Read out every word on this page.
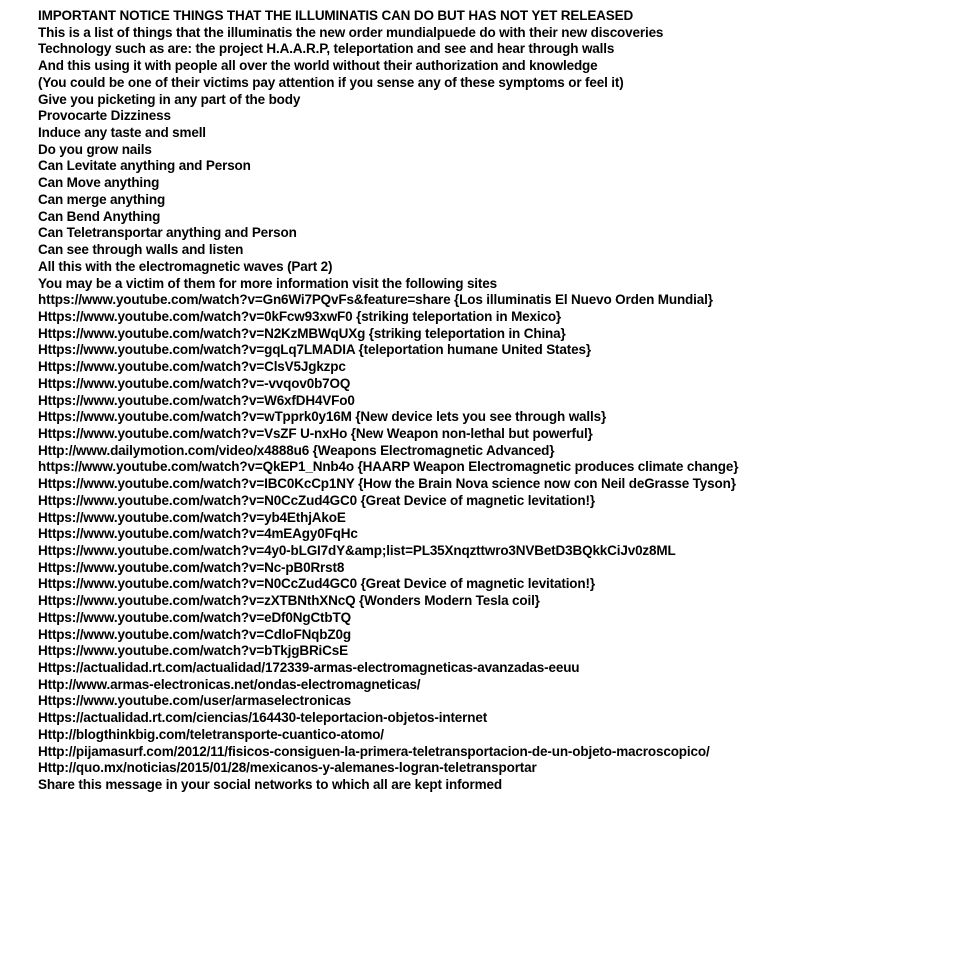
IMPORTANT NOTICE THINGS THAT THE ILLUMINATIS CAN DO BUT HAS NOT YET RELEASED
This is a list of things that the illuminatis the new order mundialpuede do with their new discoveries
Technology such as are: the project H.A.A.R.P, teleportation and see and hear through walls
And this using it with people all over the world without their authorization and knowledge
(You could be one of their victims pay attention if you sense any of these symptoms or feel it)
Give you picketing in any part of the body
Provocarte Dizziness
Induce any taste and smell
Do you grow nails
Can Levitate anything and Person
Can Move anything
Can merge anything
Can Bend Anything
Can Teletransportar anything and Person
Can see through walls and listen
All this with the electromagnetic waves (Part 2)
You may be a victim of them for more information visit the following sites
https://www.youtube.com/watch?v=Gn6Wi7PQvFs&feature=share {Los illuminatis El Nuevo Orden Mundial}
Https://www.youtube.com/watch?v=0kFcw93xwF0 {striking teleportation in Mexico}
Https://www.youtube.com/watch?v=N2KzMBWqUXg {striking teleportation in China}
Https://www.youtube.com/watch?v=gqLq7LMADIA {teleportation humane United States}
Https://www.youtube.com/watch?v=ClsV5Jgkzpc
Https://www.youtube.com/watch?v=-vvqov0b7OQ
Https://www.youtube.com/watch?v=W6xfDH4VFo0
Https://www.youtube.com/watch?v=wTpprk0y16M {New device lets you see through walls}
Https://www.youtube.com/watch?v=VsZF U-nxHo {New Weapon non-lethal but powerful}
Http://www.dailymotion.com/video/x4888u6 {Weapons Electromagnetic Advanced}
https://www.youtube.com/watch?v=QkEP1_Nnb4o {HAARP Weapon Electromagnetic produces climate change}
Https://www.youtube.com/watch?v=IBC0KcCp1NY {How the Brain Nova science now con Neil deGrasse Tyson}
Https://www.youtube.com/watch?v=N0CcZud4GC0 {Great Device of magnetic levitation!}
Https://www.youtube.com/watch?v=yb4EthjAkoE
Https://www.youtube.com/watch?v=4mEAgy0FqHc
Https://www.youtube.com/watch?v=4y0-bLGI7dY&amp;list=PL35Xnqzttwro3NVBetD3BQkkCiJv0z8ML
Https://www.youtube.com/watch?v=Nc-pB0Rrst8
Https://www.youtube.com/watch?v=N0CcZud4GC0 {Great Device of magnetic levitation!}
Https://www.youtube.com/watch?v=zXTBNthXNcQ {Wonders Modern Tesla coil}
Https://www.youtube.com/watch?v=eDf0NgCtbTQ
Https://www.youtube.com/watch?v=CdloFNqbZ0g
Https://www.youtube.com/watch?v=bTkjgBRiCsE
Https://actualidad.rt.com/actualidad/172339-armas-electromagneticas-avanzadas-eeuu
Http://www.armas-electronicas.net/ondas-electromagneticas/
Https://www.youtube.com/user/armaselectronicas
Https://actualidad.rt.com/ciencias/164430-teleportacion-objetos-internet
Http://blogthinkbig.com/teletransporte-cuantico-atomo/
Http://pijamasurf.com/2012/11/fisicos-consiguen-la-primera-teletransportacion-de-un-objeto-macroscopico/
Http://quo.mx/noticias/2015/01/28/mexicanos-y-alemanes-logran-teletransportar
Share this message in your social networks to which all are kept informed
